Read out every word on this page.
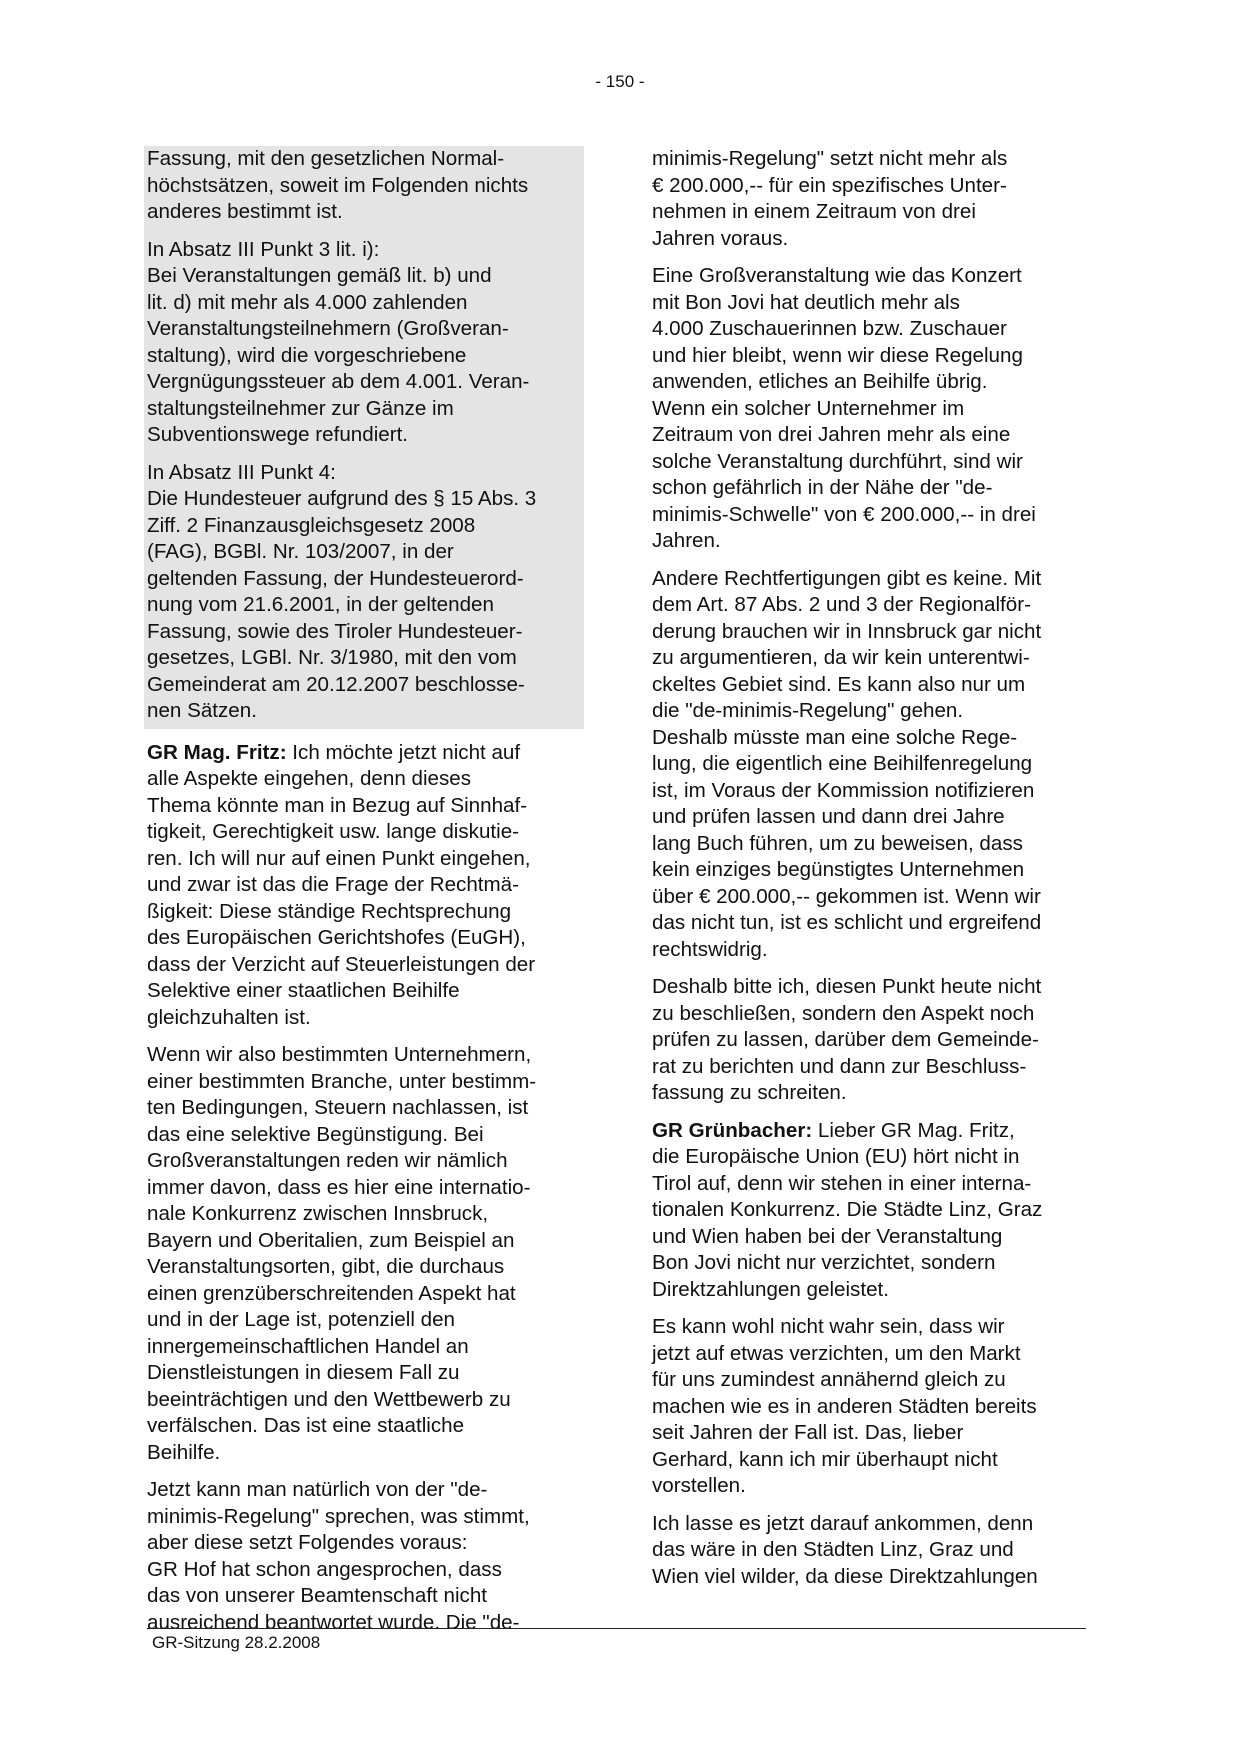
- 150 -

Fassung, mit den gesetzlichen Normal-
höchstsätzen, soweit im Folgenden nichts
anderes bestimmt ist.

In Absatz III Punkt 3 lit. i):
Bei Veranstaltungen gemäß lit. b) und
lit. d) mit mehr als 4.000 zahlenden
Veranstaltungsteilnehmern (Großveran-
staltung), wird die vorgeschriebene
Vergnügungssteuer ab dem 4.001. Veran-
staltungsteilnehmer zur Gänze im
Subventionswege refundiert.

In Absatz III Punkt 4:
Die Hundesteuer aufgrund des § 15 Abs. 3
Ziff. 2 Finanzausgleichsgesetz 2008
(FAG), BGBl. Nr. 103/2007, in der
geltenden Fassung, der Hundesteuerord-
nung vom 21.6.2001, in der geltenden
Fassung, sowie des Tiroler Hundesteuer-
gesetzes, LGBl. Nr. 3/1980, mit den vom
Gemeinderat am 20.12.2007 beschlosse-
nen Sätzen.

GR Mag. Fritz: Ich möchte jetzt nicht auf
alle Aspekte eingehen, denn dieses
Thema könnte man in Bezug auf Sinnhaf-
tigkeit, Gerechtigkeit usw. lange diskutie-
ren. Ich will nur auf einen Punkt eingehen,
und zwar ist das die Frage der Rechtmä-
ßigkeit: Diese ständige Rechtsprechung
des Europäischen Gerichtshofes (EuGH),
dass der Verzicht auf Steuerleistungen der
Selektive einer staatlichen Beihilfe
gleichzuhalten ist.

Wenn wir also bestimmten Unternehmern,
einer bestimmten Branche, unter bestimm-
ten Bedingungen, Steuern nachlassen, ist
das eine selektive Begünstigung. Bei
Großveranstaltungen reden wir nämlich
immer davon, dass es hier eine internatio-
nale Konkurrenz zwischen Innsbruck,
Bayern und Oberitalien, zum Beispiel an
Veranstaltungsorten, gibt, die durchaus
einen grenzüberschreitenden Aspekt hat
und in der Lage ist, potenziell den
innergemeinschaftlichen Handel an
Dienstleistungen in diesem Fall zu
beeinträchtigen und den Wettbewerb zu
verfälschen. Das ist eine staatliche
Beihilfe.

Jetzt kann man natürlich von der "de-
minimis-Regelung" sprechen, was stimmt,
aber diese setzt Folgendes voraus:
GR Hof hat schon angesprochen, dass
das von unserer Beamtenschaft nicht
ausreichend beantwortet wurde. Die "de-

minimis-Regelung" setzt nicht mehr als
€ 200.000,-- für ein spezifisches Unter-
nehmen in einem Zeitraum von drei
Jahren voraus.

Eine Großveranstaltung wie das Konzert
mit Bon Jovi hat deutlich mehr als
4.000 Zuschauerinnen bzw. Zuschauer
und hier bleibt, wenn wir diese Regelung
anwenden, etliches an Beihilfe übrig.
Wenn ein solcher Unternehmer im
Zeitraum von drei Jahren mehr als eine
solche Veranstaltung durchführt, sind wir
schon gefährlich in der Nähe der "de-
minimis-Schwelle" von € 200.000,-- in drei
Jahren.

Andere Rechtfertigungen gibt es keine. Mit
dem Art. 87 Abs. 2 und 3 der Regionalför-
derung brauchen wir in Innsbruck gar nicht
zu argumentieren, da wir kein unterentwi-
ckeltes Gebiet sind. Es kann also nur um
die "de-minimis-Regelung" gehen.
Deshalb müsste man eine solche Rege-
lung, die eigentlich eine Beihilfenregelung
ist, im Voraus der Kommission notifizieren
und prüfen lassen und dann drei Jahre
lang Buch führen, um zu beweisen, dass
kein einziges begünstigtes Unternehmen
über € 200.000,-- gekommen ist. Wenn wir
das nicht tun, ist es schlicht und ergreifend
rechtswidrig.

Deshalb bitte ich, diesen Punkt heute nicht
zu beschließen, sondern den Aspekt noch
prüfen zu lassen, darüber dem Gemeinde-
rat zu berichten und dann zur Beschluss-
fassung zu schreiten.

GR Grünbacher: Lieber GR Mag. Fritz,
die Europäische Union (EU) hört nicht in
Tirol auf, denn wir stehen in einer interna-
tionalen Konkurrenz. Die Städte Linz, Graz
und Wien haben bei der Veranstaltung
Bon Jovi nicht nur verzichtet, sondern
Direktzahlungen geleistet.

Es kann wohl nicht wahr sein, dass wir
jetzt auf etwas verzichten, um den Markt
für uns zumindest annähernd gleich zu
machen wie es in anderen Städten bereits
seit Jahren der Fall ist. Das, lieber
Gerhard, kann ich mir überhaupt nicht
vorstellen.

Ich lasse es jetzt darauf ankommen, denn
das wäre in den Städten Linz, Graz und
Wien viel wilder, da diese Direktzahlungen

GR-Sitzung 28.2.2008
